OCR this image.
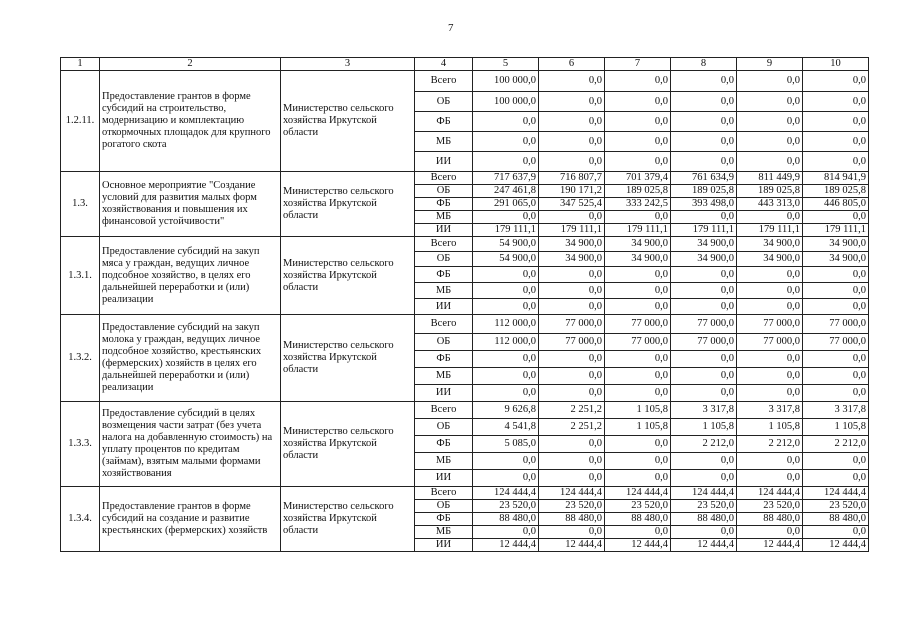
7
1	2	3	4	5	6	7	8	9	10
1.2.11.	Предоставление грантов в форме субсидий на строительство, модернизацию и комплектацию откормочных площадок для крупного рогатого скота	Министерство сельского хозяйства Иркутской области	Всего	100 000,0	0,0	0,0	0,0	0,0	0,0
			ОБ	100 000,0	0,0	0,0	0,0	0,0	0,0
			ФБ	0,0	0,0	0,0	0,0	0,0	0,0
			МБ	0,0	0,0	0,0	0,0	0,0	0,0
			ИИ	0,0	0,0	0,0	0,0	0,0	0,0
1.3.	Основное мероприятие "Создание условий для развития малых форм хозяйствования и повышения их финансовой устойчивости"	Министерство сельского хозяйства Иркутской области	Всего	717 637,9	716 807,7	701 379,4	761 634,9	811 449,9	814 941,9
			ОБ	247 461,8	190 171,2	189 025,8	189 025,8	189 025,8	189 025,8
			ФБ	291 065,0	347 525,4	333 242,5	393 498,0	443 313,0	446 805,0
			МБ	0,0	0,0	0,0	0,0	0,0	0,0
			ИИ	179 111,1	179 111,1	179 111,1	179 111,1	179 111,1	179 111,1
1.3.1.	Предоставление субсидий на закуп мяса у граждан, ведущих личное подсобное хозяйство, в целях его дальнейшей переработки и (или) реализации	Министерство сельского хозяйства Иркутской области	Всего	54 900,0	34 900,0	34 900,0	34 900,0	34 900,0	34 900,0
			ОБ	54 900,0	34 900,0	34 900,0	34 900,0	34 900,0	34 900,0
			ФБ	0,0	0,0	0,0	0,0	0,0	0,0
			МБ	0,0	0,0	0,0	0,0	0,0	0,0
			ИИ	0,0	0,0	0,0	0,0	0,0	0,0
1.3.2.	Предоставление субсидий на закуп молока у граждан, ведущих личное подсобное хозяйство, крестьянских (фермерских) хозяйств в целях его дальнейшей переработки и (или) реализации	Министерство сельского хозяйства Иркутской области	Всего	112 000,0	77 000,0	77 000,0	77 000,0	77 000,0	77 000,0
			ОБ	112 000,0	77 000,0	77 000,0	77 000,0	77 000,0	77 000,0
			ФБ	0,0	0,0	0,0	0,0	0,0	0,0
			МБ	0,0	0,0	0,0	0,0	0,0	0,0
			ИИ	0,0	0,0	0,0	0,0	0,0	0,0
1.3.3.	Предоставление субсидий в целях возмещения части затрат (без учета налога на добавленную стоимость) на уплату процентов по кредитам (займам), взятым малыми формами хозяйствования	Министерство сельского хозяйства Иркутской области	Всего	9 626,8	2 251,2	1 105,8	3 317,8	3 317,8	3 317,8
			ОБ	4 541,8	2 251,2	1 105,8	1 105,8	1 105,8	1 105,8
			ФБ	5 085,0	0,0	0,0	2 212,0	2 212,0	2 212,0
			МБ	0,0	0,0	0,0	0,0	0,0	0,0
			ИИ	0,0	0,0	0,0	0,0	0,0	0,0
1.3.4.	Предоставление грантов в форме субсидий на создание и развитие крестьянских (фермерских) хозяйств	Министерство сельского хозяйства Иркутской области	Всего	124 444,4	124 444,4	124 444,4	124 444,4	124 444,4	124 444,4
			ОБ	23 520,0	23 520,0	23 520,0	23 520,0	23 520,0	23 520,0
			ФБ	88 480,0	88 480,0	88 480,0	88 480,0	88 480,0	88 480,0
			МБ	0,0	0,0	0,0	0,0	0,0	0,0
			ИИ	12 444,4	12 444,4	12 444,4	12 444,4	12 444,4	12 444,4
